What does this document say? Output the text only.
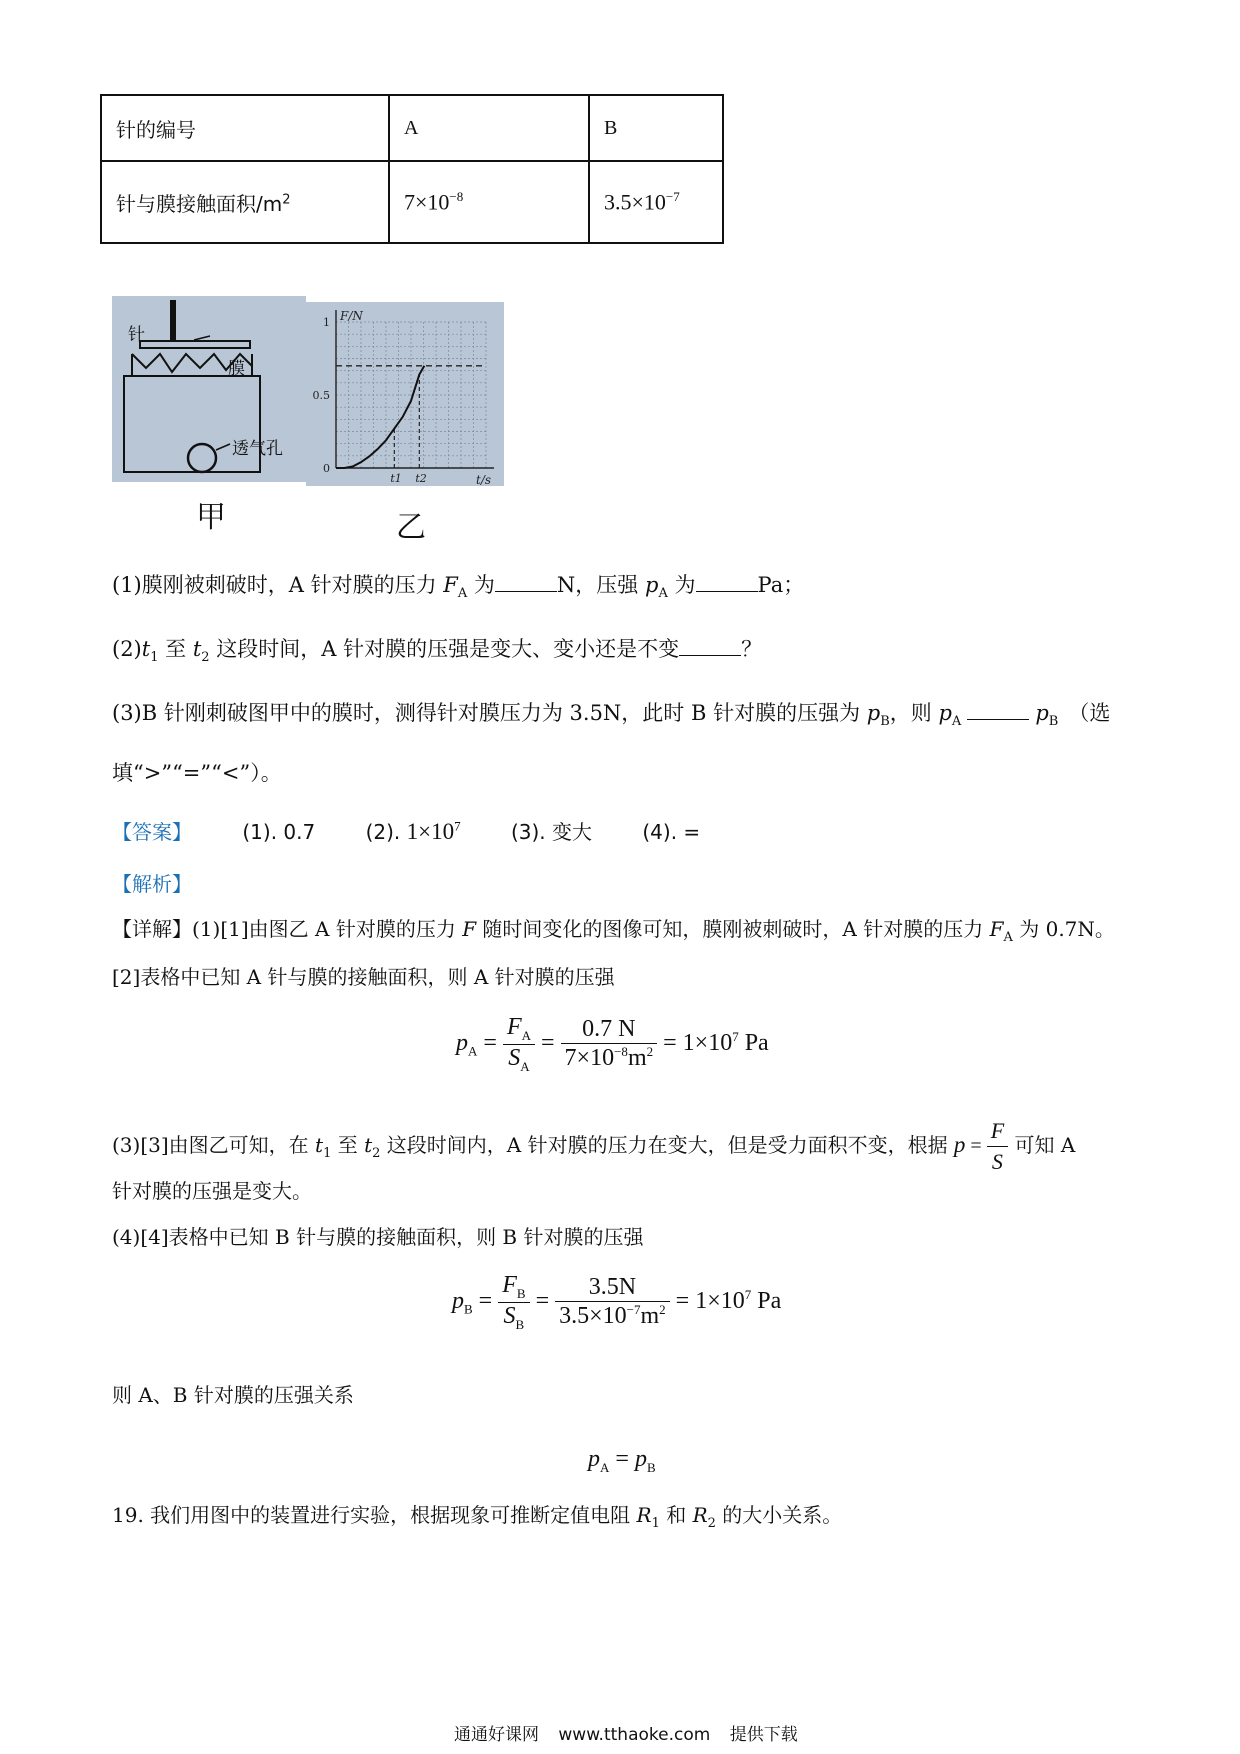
针的编号	A	B
针与膜接触面积$/m^2$	$7\times 10^{-8}$	$3.5\times 10^{-7}$
针
膜
透气孔
甲
0
0.5
1 F/N
t/s
t1 t2
乙
(1)膜刚被刺破时，A 针对膜的压力 $F_A$ 为	N，压强 $p_A$ 为	Pa；
$(2)t_1$ 至 $t_2$ 这段时间，A 针对膜的压强是变大、变小还是不变	？
(3)B 针刚刺破图甲中的膜时，测得针对膜压力为 3.5N，此时 B 针对膜的压强为 $p_B$，则 $p_A$	$p_B$ （选
填“>”“=”“<”）。
【答案】	(1). 0.7	(2). $1\times 10^7$	(3). 变大	(4). =
【解析】
【详解】(1)[1]由图乙 A 针对膜的压力 F 随时间变化的图像可知，膜刚被刺破时，A 针对膜的压力 $F_A$ 为 0.7N。
[2]表格中已知 A 针与膜的接触面积，则 A 针对膜的压强
$p_A = \frac{F_A}{S_A} = \frac{0.7 N}{7\times 10^{-8}m^2} = 1\times 10^7$ Pa
(3)[3]由图乙可知，在 $t_1$ 至 $t_2$ 这段时间内，A 针对膜的压力在变大，但是受力面积不变，根据 $p = \frac{F}{S}$ 可知 A
针对膜的压强是变大。
(4)[4]表格中已知 B 针与膜的接触面积，则 B 针对膜的压强
$p_B = \frac{F_B}{S_B} = \frac{3.5N}{3.5\times 10^{-7}m^2} = 1\times 10^7$ Pa
则 A、B 针对膜的压强关系
$p_A = p_B$
19. 我们用图中的装置进行实验，根据现象可推断定值电阻 $R_1$ 和 $R_2$ 的大小关系。
通通好课网 www.tthaoke.com 提供下载
